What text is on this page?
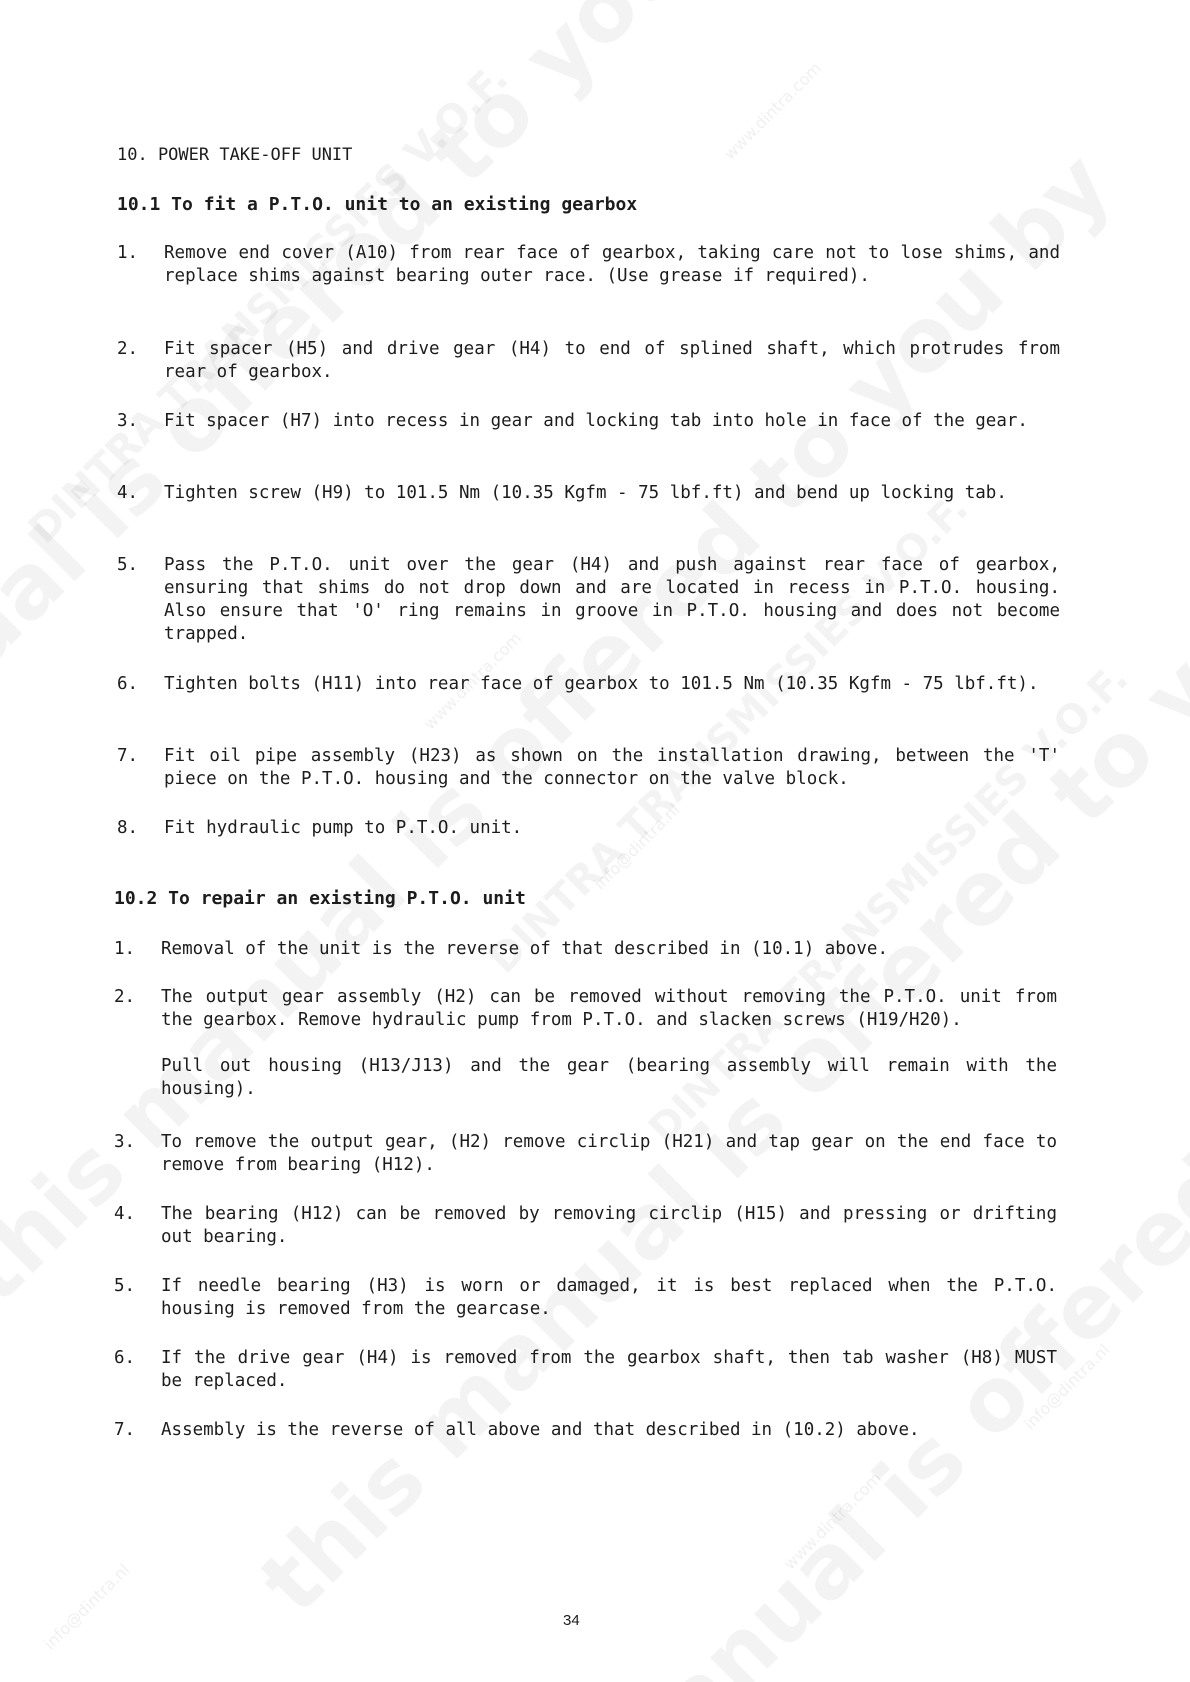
www.dintra.com
www.dintra.com
www.dintra.com
info@dintra.nl
info@dintra.nl
info@dintra.nl
10. POWER TAKE-OFF UNIT
10.1 To fit a P.T.O. unit to an existing gearbox
1. Remove end cover (A10) from rear face of gearbox, taking care not to lose shims, and replace shims against bearing outer race. (Use grease if required).
2. Fit spacer (H5) and drive gear (H4) to end of splined shaft, which protrudes from rear of gearbox.
3. Fit spacer (H7) into recess in gear and locking tab into hole in face of the gear.
4. Tighten screw (H9) to 101.5 Nm (10.35 Kgfm - 75 lbf.ft) and bend up locking tab.
5. Pass the P.T.O. unit over the gear (H4) and push against rear face of gearbox, ensuring that shims do not drop down and are located in recess in P.T.O. housing. Also ensure that 'O' ring remains in groove in P.T.O. housing and does not become trapped.
6. Tighten bolts (H11) into rear face of gearbox to 101.5 Nm (10.35 Kgfm - 75 lbf.ft).
7. Fit oil pipe assembly (H23) as shown on the installation drawing, between the 'T' piece on the P.T.O. housing and the connector on the valve block.
8. Fit hydraulic pump to P.T.O. unit.
10.2 To repair an existing P.T.O. unit
1. Removal of the unit is the reverse of that described in (10.1) above.
2. The output gear assembly (H2) can be removed without removing the P.T.O. unit from the gearbox. Remove hydraulic pump from P.T.O. and slacken screws (H19/H20).
Pull out housing (H13/J13) and the gear (bearing assembly will remain with the housing).
3. To remove the output gear, (H2) remove circlip (H21) and tap gear on the end face to remove from bearing (H12).
4. The bearing (H12) can be removed by removing circlip (H15) and pressing or drifting out bearing.
5. If needle bearing (H3) is worn or damaged, it is best replaced when the P.T.O. housing is removed from the gearcase.
6. If the drive gear (H4) is removed from the gearbox shaft, then tab washer (H8) MUST be replaced.
7. Assembly is the reverse of all above and that described in (10.2) above.
34
